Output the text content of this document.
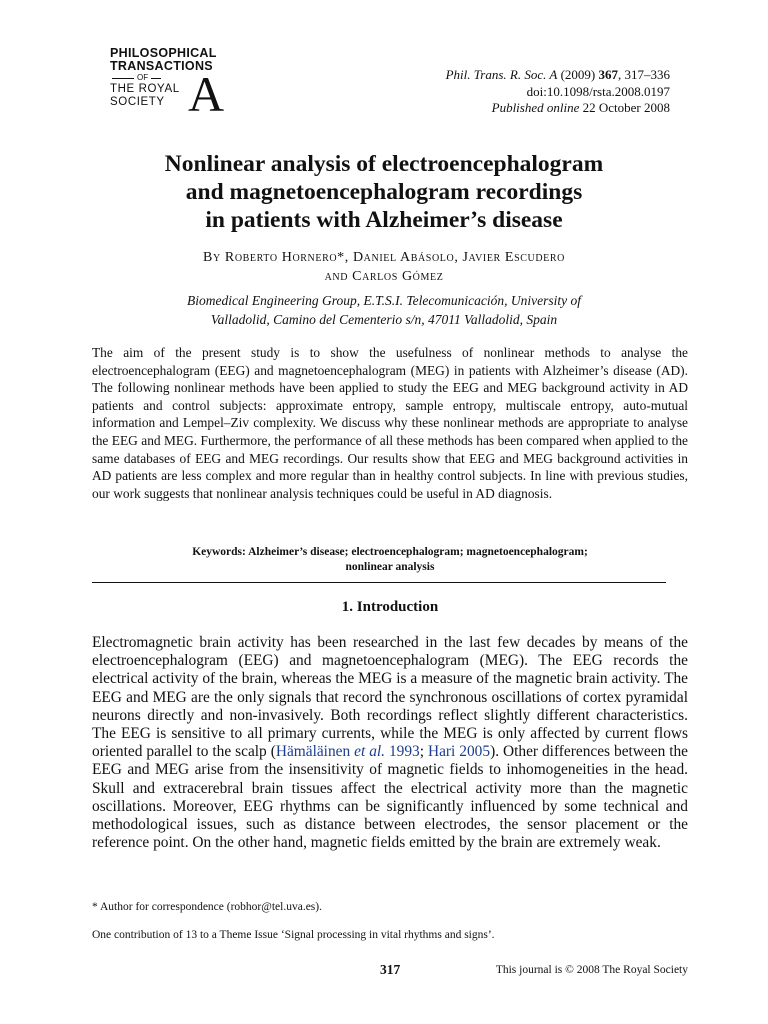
PHILOSOPHICAL
TRANSACTIONS
OF
THE ROYAL
SOCIETY A	Phil. Trans. R. Soc. A (2009) 367, 317–336
doi:10.1098/rsta.2008.0197
Published online 22 October 2008
Nonlinear analysis of electroencephalogram
and magnetoencephalogram recordings
in patients with Alzheimer’s disease
By Roberto Hornero*, Daniel Abásolo, Javier Escudero
and Carlos Gómez
Biomedical Engineering Group, E.T.S.I. Telecomunicación, University of
Valladolid, Camino del Cementerio s/n, 47011 Valladolid, Spain
The aim of the present study is to show the usefulness of nonlinear methods to analyse the electroencephalogram (EEG) and magnetoencephalogram (MEG) in patients with Alzheimer’s disease (AD). The following nonlinear methods have been applied to study the EEG and MEG background activity in AD patients and control subjects: approximate entropy, sample entropy, multiscale entropy, auto-mutual information and Lempel–Ziv complexity. We discuss why these nonlinear methods are appropriate to analyse the EEG and MEG. Furthermore, the performance of all these methods has been compared when applied to the same databases of EEG and MEG recordings. Our results show that EEG and MEG background activities in AD patients are less complex and more regular than in healthy control subjects. In line with previous studies, our work suggests that nonlinear analysis techniques could be useful in AD diagnosis.
Keywords: Alzheimer’s disease; electroencephalogram; magnetoencephalogram;
nonlinear analysis
1. Introduction
Electromagnetic brain activity has been researched in the last few decades by means of the electroencephalogram (EEG) and magnetoencephalogram (MEG). The EEG records the electrical activity of the brain, whereas the MEG is a measure of the magnetic brain activity. The EEG and MEG are the only signals that record the synchronous oscillations of cortex pyramidal neurons directly and non-invasively. Both recordings reflect slightly different characteristics. The EEG is sensitive to all primary currents, while the MEG is only affected by current flows oriented parallel to the scalp (Hämäläinen et al. 1993; Hari 2005). Other differences between the EEG and MEG arise from the insensitivity of magnetic fields to inhomogeneities in the head. Skull and extracerebral brain tissues affect the electrical activity more than the magnetic oscillations. Moreover, EEG rhythms can be significantly influenced by some technical and methodological issues, such as distance between electrodes, the sensor placement or the reference point. On the other hand, magnetic fields emitted by the brain are extremely weak.
* Author for correspondence (robhor@tel.uva.es).
One contribution of 13 to a Theme Issue ‘Signal processing in vital rhythms and signs’.
317	This journal is © 2008 The Royal Society
